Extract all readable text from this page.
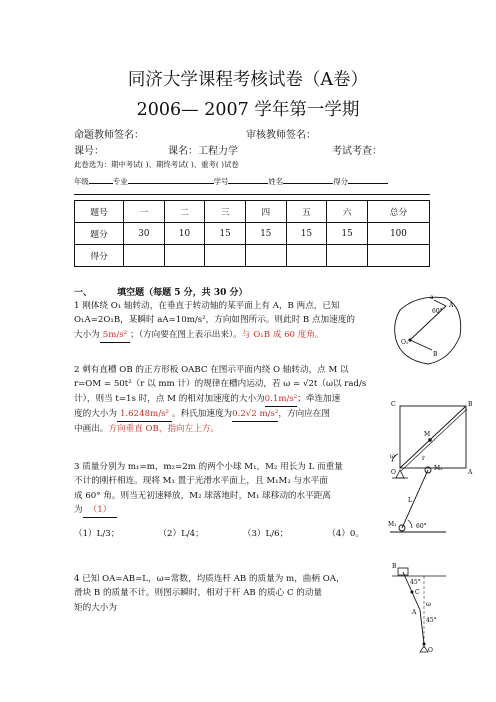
同济大学课程考核试卷（A卷）
2006— 2007 学年第一学期
命题教师签名：	审核教师签名：
课号：	课名：工程力学	考试考查：
此卷选为：期中考试( )、期终考试( )、重考( )试卷
年级	专业	学号	姓名	得分
题号	一	二	三	四	五	六	总分
题分	30	10	15	15	15	15	100
得分							
一、	填空题（每题 5 分，共 30 分）
1 刚体绕 O₁ 轴转动，在垂直于转动轴的某平面上有 A，B 两点，已知
O₁A=2O₁B，某瞬时 aA=10m/s²，方向如图所示。则此时 B 点加速度的
大小为 5m/s² ；（方向要在图上表示出来）。与 O₁B 成 60 度角。
2 刺有直槽 OB 的正方形板 OABC 在图示平面内绕 O 轴转动，点 M 以
r=OM = 50t²（r 以 mm 计）的规律在槽内运动，若 ω = √2t（ω以 rad/s
计），则当 t=1s 时，点 M 的相对加速度的大小为0.1m/s²；牵连加速
度的大小为 1.6248m/s² 。科氏加速度为0.2√2 m/s²，方向应在图
中画出。方向垂直 OB，指向左上方。
3 质量分别为 m₁=m，m₂=2m 的两个小球 M₁，M₂ 用长为 L 而重量
不计的刚杆相连。现将 M₁ 置于光滑水平面上，且 M₁M₂ 与水平面
成 60° 角。则当无初速释放，M₂ 球落地时，M₁ 球移动的水平距离
为 （1）
（1）L/3；	（2）L/4；	（3）L/6；	（4）0。
4 已知 OA=AB=L，ω=常数，均质连杆 AB 的质量为 m，曲柄 OA，
滑块 B 的质量不计。则图示瞬时，相对于杆 AB 的质心 C 的动量
矩的大小为
a
60°
A
O₁
B
C	B
M
ω	r
O	A
M₂
L
M₁	60°
B
45°
C
ω
45°
A
O
